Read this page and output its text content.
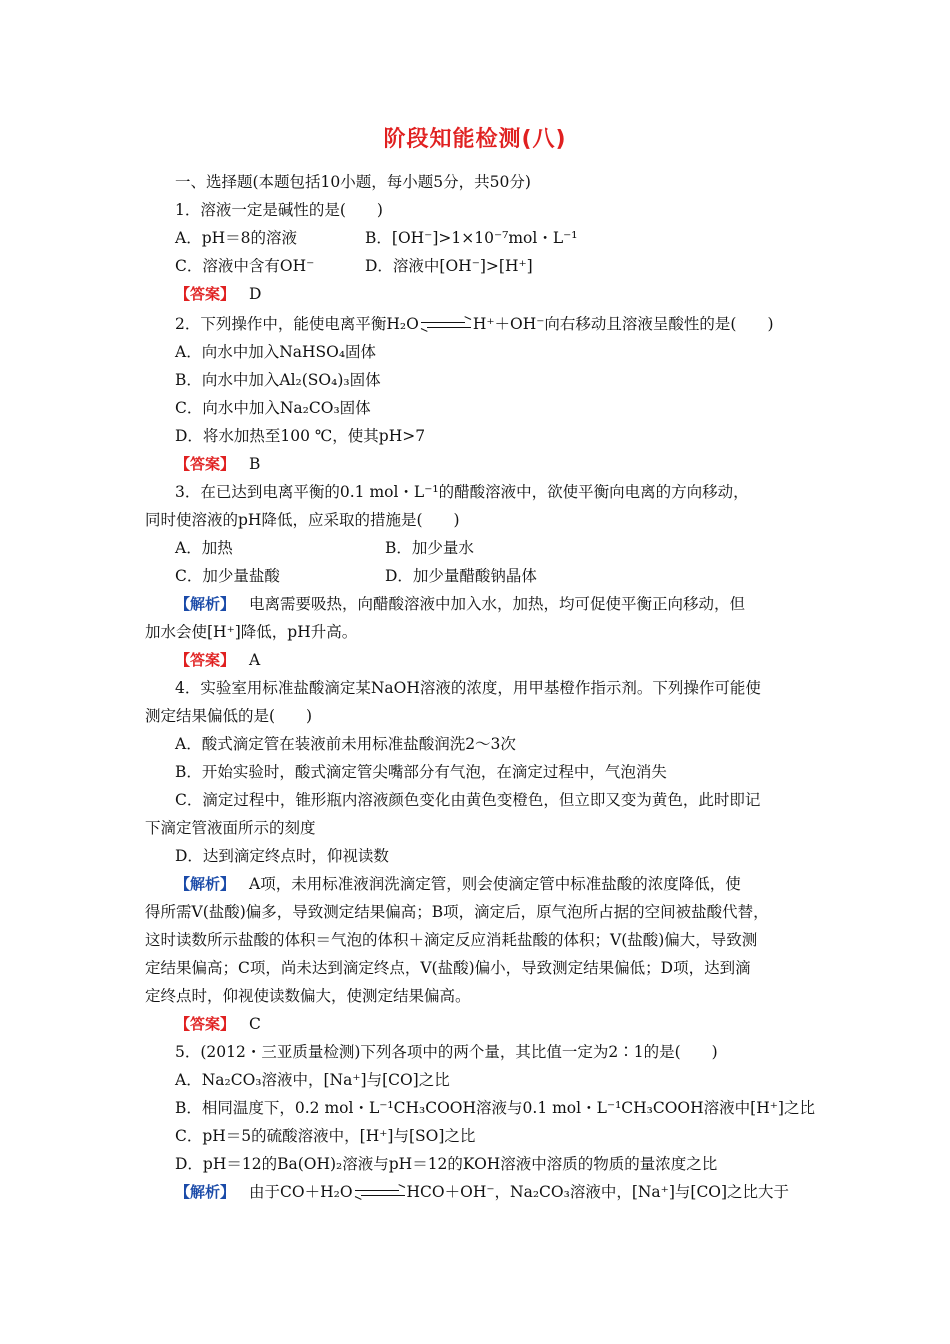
阶段知能检测(八)
一、选择题(本题包括10小题，每小题5分，共50分)
1．溶液一定是碱性的是(　　)
A．pH＝8的溶液	B．[OH⁻]>1×10⁻⁷mol・L⁻¹
C．溶液中含有OH⁻	D．溶液中[OH⁻]>[H⁺]
【答案】 D
2．下列操作中，能使电离平衡H₂O	H⁺＋OH⁻向右移动且溶液呈酸性的是(　　)
A．向水中加入NaHSO₄固体
B．向水中加入Al₂(SO₄)₃固体
C．向水中加入Na₂CO₃固体
D．将水加热至100 ℃，使其pH>7
【答案】 B
3．在已达到电离平衡的0.1 mol・L⁻¹的醋酸溶液中，欲使平衡向电离的方向移动，
同时使溶液的pH降低，应采取的措施是(　　)
A．加热	B．加少量水
C．加少量盐酸	D．加少量醋酸钠晶体
【解析】 电离需要吸热，向醋酸溶液中加入水，加热，均可促使平衡正向移动，但
加水会使[H⁺]降低，pH升高。
【答案】 A
4．实验室用标准盐酸滴定某NaOH溶液的浓度，用甲基橙作指示剂。下列操作可能使
测定结果偏低的是(　　)
A．酸式滴定管在装液前未用标准盐酸润洗2～3次
B．开始实验时，酸式滴定管尖嘴部分有气泡，在滴定过程中，气泡消失
C．滴定过程中，锥形瓶内溶液颜色变化由黄色变橙色，但立即又变为黄色，此时即记
下滴定管液面所示的刻度
D．达到滴定终点时，仰视读数
【解析】 A项，未用标准液润洗滴定管，则会使滴定管中标准盐酸的浓度降低，使
得所需V(盐酸)偏多，导致测定结果偏高；B项，滴定后，原气泡所占据的空间被盐酸代替，
这时读数所示盐酸的体积＝气泡的体积＋滴定反应消耗盐酸的体积；V(盐酸)偏大，导致测
定结果偏高；C项，尚未达到滴定终点，V(盐酸)偏小，导致测定结果偏低；D项，达到滴
定终点时，仰视使读数偏大，使测定结果偏高。
【答案】 C
5．(2012・三亚质量检测)下列各项中的两个量，其比值一定为2∶1的是(　　)
A．Na₂CO₃溶液中，[Na⁺]与[CO]之比
B．相同温度下，0.2 mol・L⁻¹CH₃COOH溶液与0.1 mol・L⁻¹CH₃COOH溶液中[H⁺]之比
C．pH＝5的硫酸溶液中，[H⁺]与[SO]之比
D．pH＝12的Ba(OH)₂溶液与pH＝12的KOH溶液中溶质的物质的量浓度之比
【解析】 由于CO＋H₂O	HCO＋OH⁻，Na₂CO₃溶液中，[Na⁺]与[CO]之比大于
